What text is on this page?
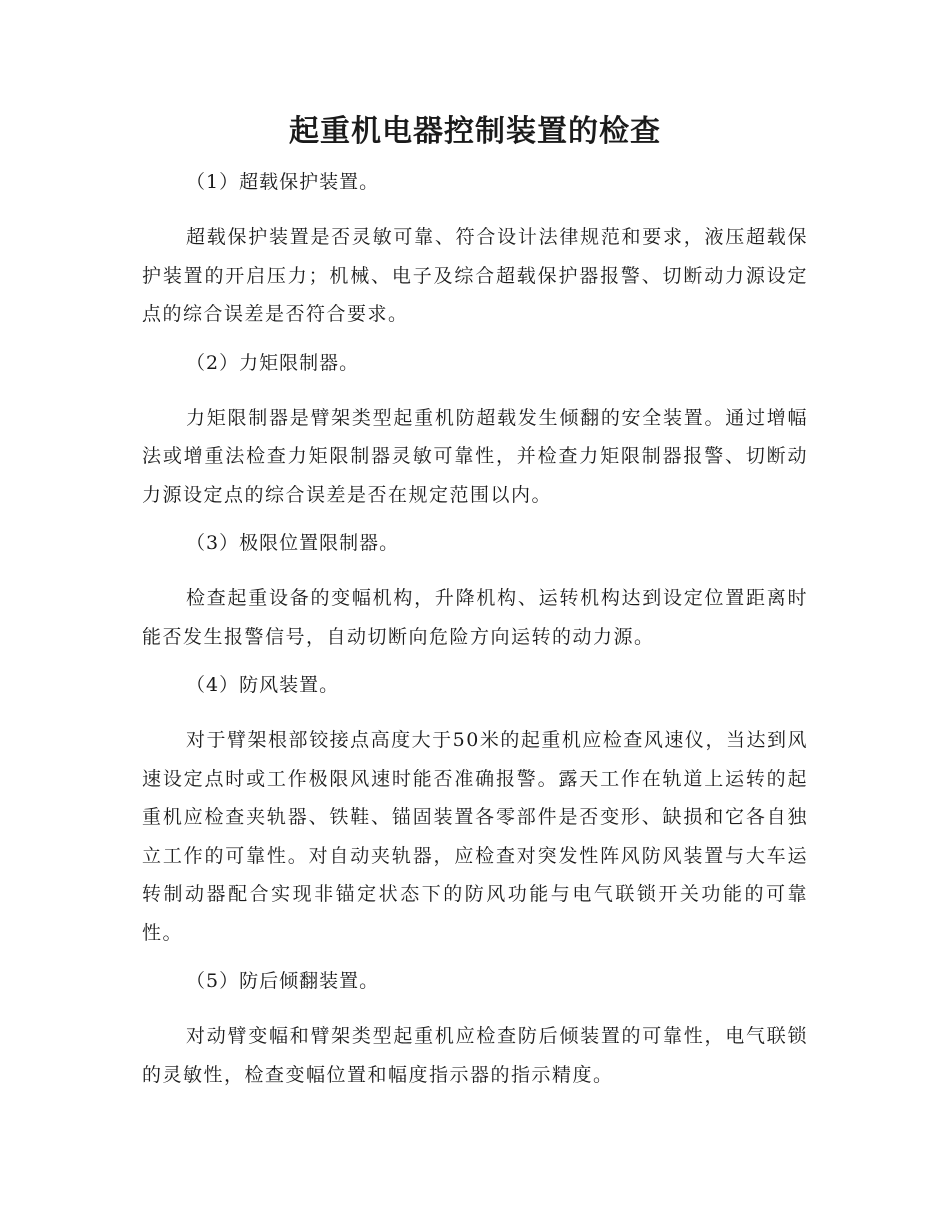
起重机电器控制装置的检查

（1）超载保护装置。

超载保护装置是否灵敏可靠、符合设计法律规范和要求，液压超载保护装置的开启压力；机械、电子及综合超载保护器报警、切断动力源设定点的综合误差是否符合要求。

（2）力矩限制器。

力矩限制器是臂架类型起重机防超载发生倾翻的安全装置。通过增幅法或增重法检查力矩限制器灵敏可靠性，并检查力矩限制器报警、切断动力源设定点的综合误差是否在规定范围以内。

（3）极限位置限制器。

检查起重设备的变幅机构，升降机构、运转机构达到设定位置距离时能否发生报警信号，自动切断向危险方向运转的动力源。

（4）防风装置。

对于臂架根部铰接点高度大于50米的起重机应检查风速仪，当达到风速设定点时或工作极限风速时能否准确报警。露天工作在轨道上运转的起重机应检查夹轨器、铁鞋、锚固装置各零部件是否变形、缺损和它各自独立工作的可靠性。对自动夹轨器，应检查对突发性阵风防风装置与大车运转制动器配合实现非锚定状态下的防风功能与电气联锁开关功能的可靠性。

（5）防后倾翻装置。

对动臂变幅和臂架类型起重机应检查防后倾装置的可靠性，电气联锁的灵敏性，检查变幅位置和幅度指示器的指示精度。
